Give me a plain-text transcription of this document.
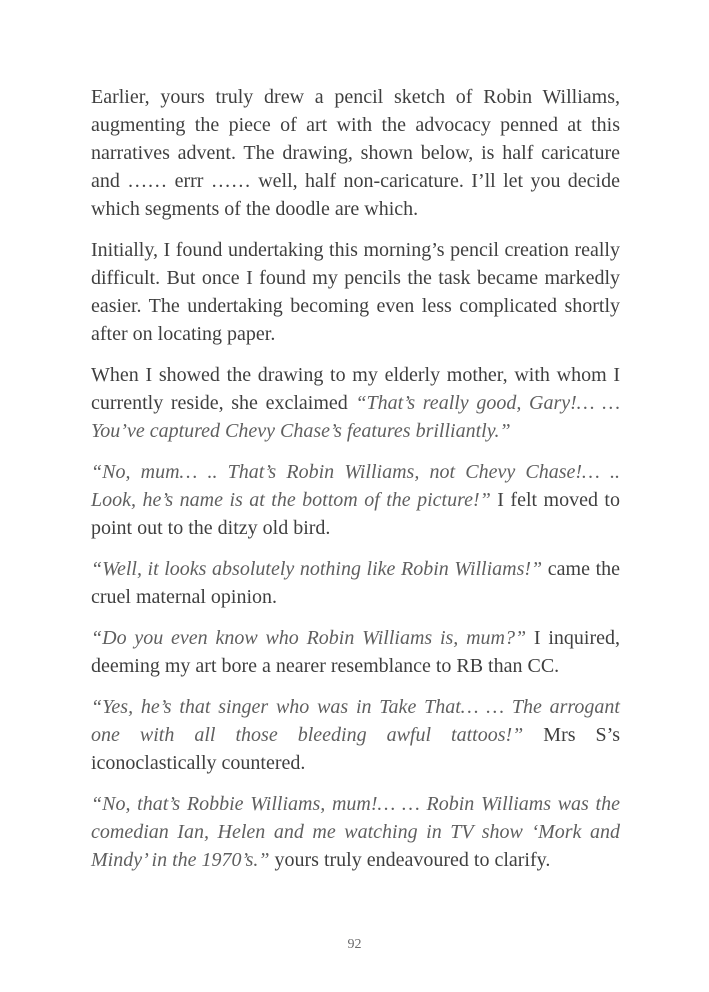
Earlier, yours truly drew a pencil sketch of Robin Williams, augmenting the piece of art with the advocacy penned at this narratives advent. The drawing, shown below, is half caricature and …… errr …… well, half non-caricature. I’ll let you decide which segments of the doodle are which.

Initially, I found undertaking this morning’s pencil creation really difficult. But once I found my pencils the task became markedly easier. The undertaking becoming even less complicated shortly after on locating paper.

When I showed the drawing to my elderly mother, with whom I currently reside, she exclaimed “That’s really good, Gary!… … You’ve captured Chevy Chase’s features brilliantly.”

“No, mum… .. That’s Robin Williams, not Chevy Chase!… .. Look, he’s name is at the bottom of the picture!” I felt moved to point out to the ditzy old bird.

“Well, it looks absolutely nothing like Robin Williams!” came the cruel maternal opinion.

“Do you even know who Robin Williams is, mum?” I inquired, deeming my art bore a nearer resemblance to RB than CC.

“Yes, he’s that singer who was in Take That… … The arrogant one with all those bleeding awful tattoos!” Mrs S’s iconoclastically countered.

“No, that’s Robbie Williams, mum!… … Robin Williams was the comedian Ian, Helen and me watching in TV show ‘Mork and Mindy’ in the 1970’s.” yours truly endeavoured to clarify.

92
